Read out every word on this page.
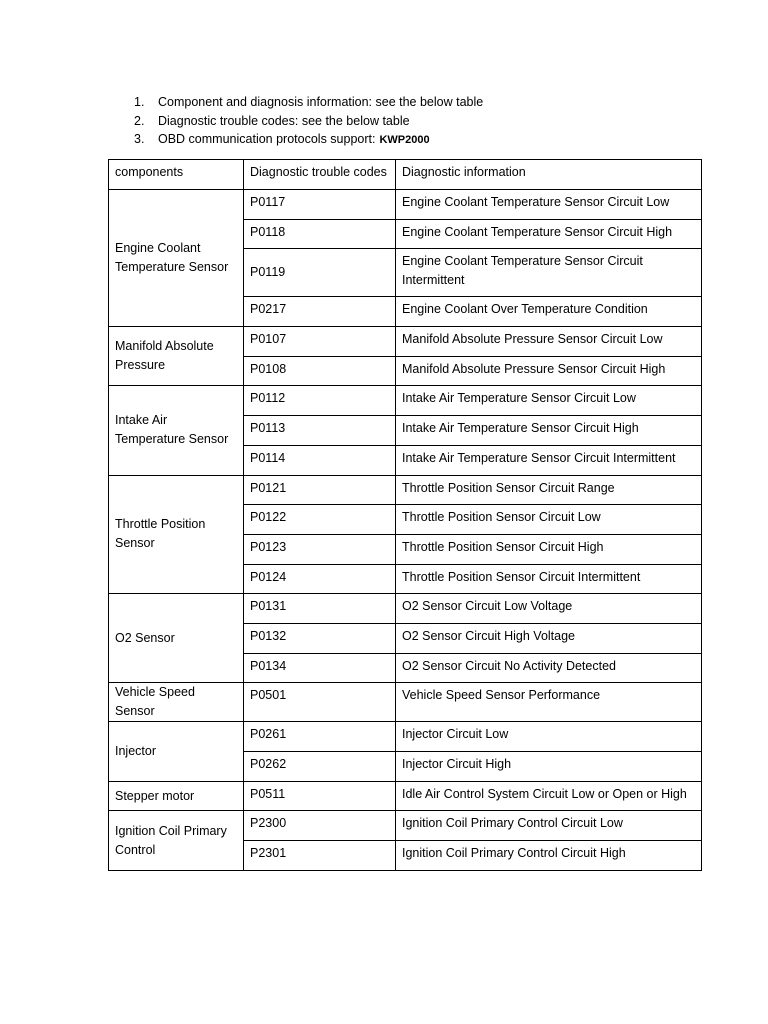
1. Component and diagnosis information: see the below table
2. Diagnostic trouble codes: see the below table
3. OBD communication protocols support: KWP2000
components	Diagnostic trouble codes	Diagnostic information
Engine Coolant Temperature Sensor	P0117	Engine Coolant Temperature Sensor Circuit Low
	P0118	Engine Coolant Temperature Sensor Circuit High
	P0119	Engine Coolant Temperature Sensor Circuit Intermittent
	P0217	Engine Coolant Over Temperature Condition
Manifold Absolute Pressure	P0107	Manifold Absolute Pressure Sensor Circuit Low
	P0108	Manifold Absolute Pressure Sensor Circuit High
Intake Air Temperature Sensor	P0112	Intake Air Temperature Sensor Circuit Low
	P0113	Intake Air Temperature Sensor Circuit High
	P0114	Intake Air Temperature Sensor Circuit Intermittent
Throttle Position Sensor	P0121	Throttle Position Sensor Circuit Range
	P0122	Throttle Position Sensor Circuit Low
	P0123	Throttle Position Sensor Circuit High
	P0124	Throttle Position Sensor Circuit Intermittent
O2 Sensor	P0131	O2 Sensor Circuit Low Voltage
	P0132	O2 Sensor Circuit High Voltage
	P0134	O2 Sensor Circuit No Activity Detected
Vehicle Speed Sensor	P0501	Vehicle Speed Sensor Performance
Injector	P0261	Injector Circuit Low
	P0262	Injector Circuit High
Stepper motor	P0511	Idle Air Control System Circuit Low or Open or High
Ignition Coil Primary Control	P2300	Ignition Coil Primary Control Circuit Low
	P2301	Ignition Coil Primary Control Circuit High
